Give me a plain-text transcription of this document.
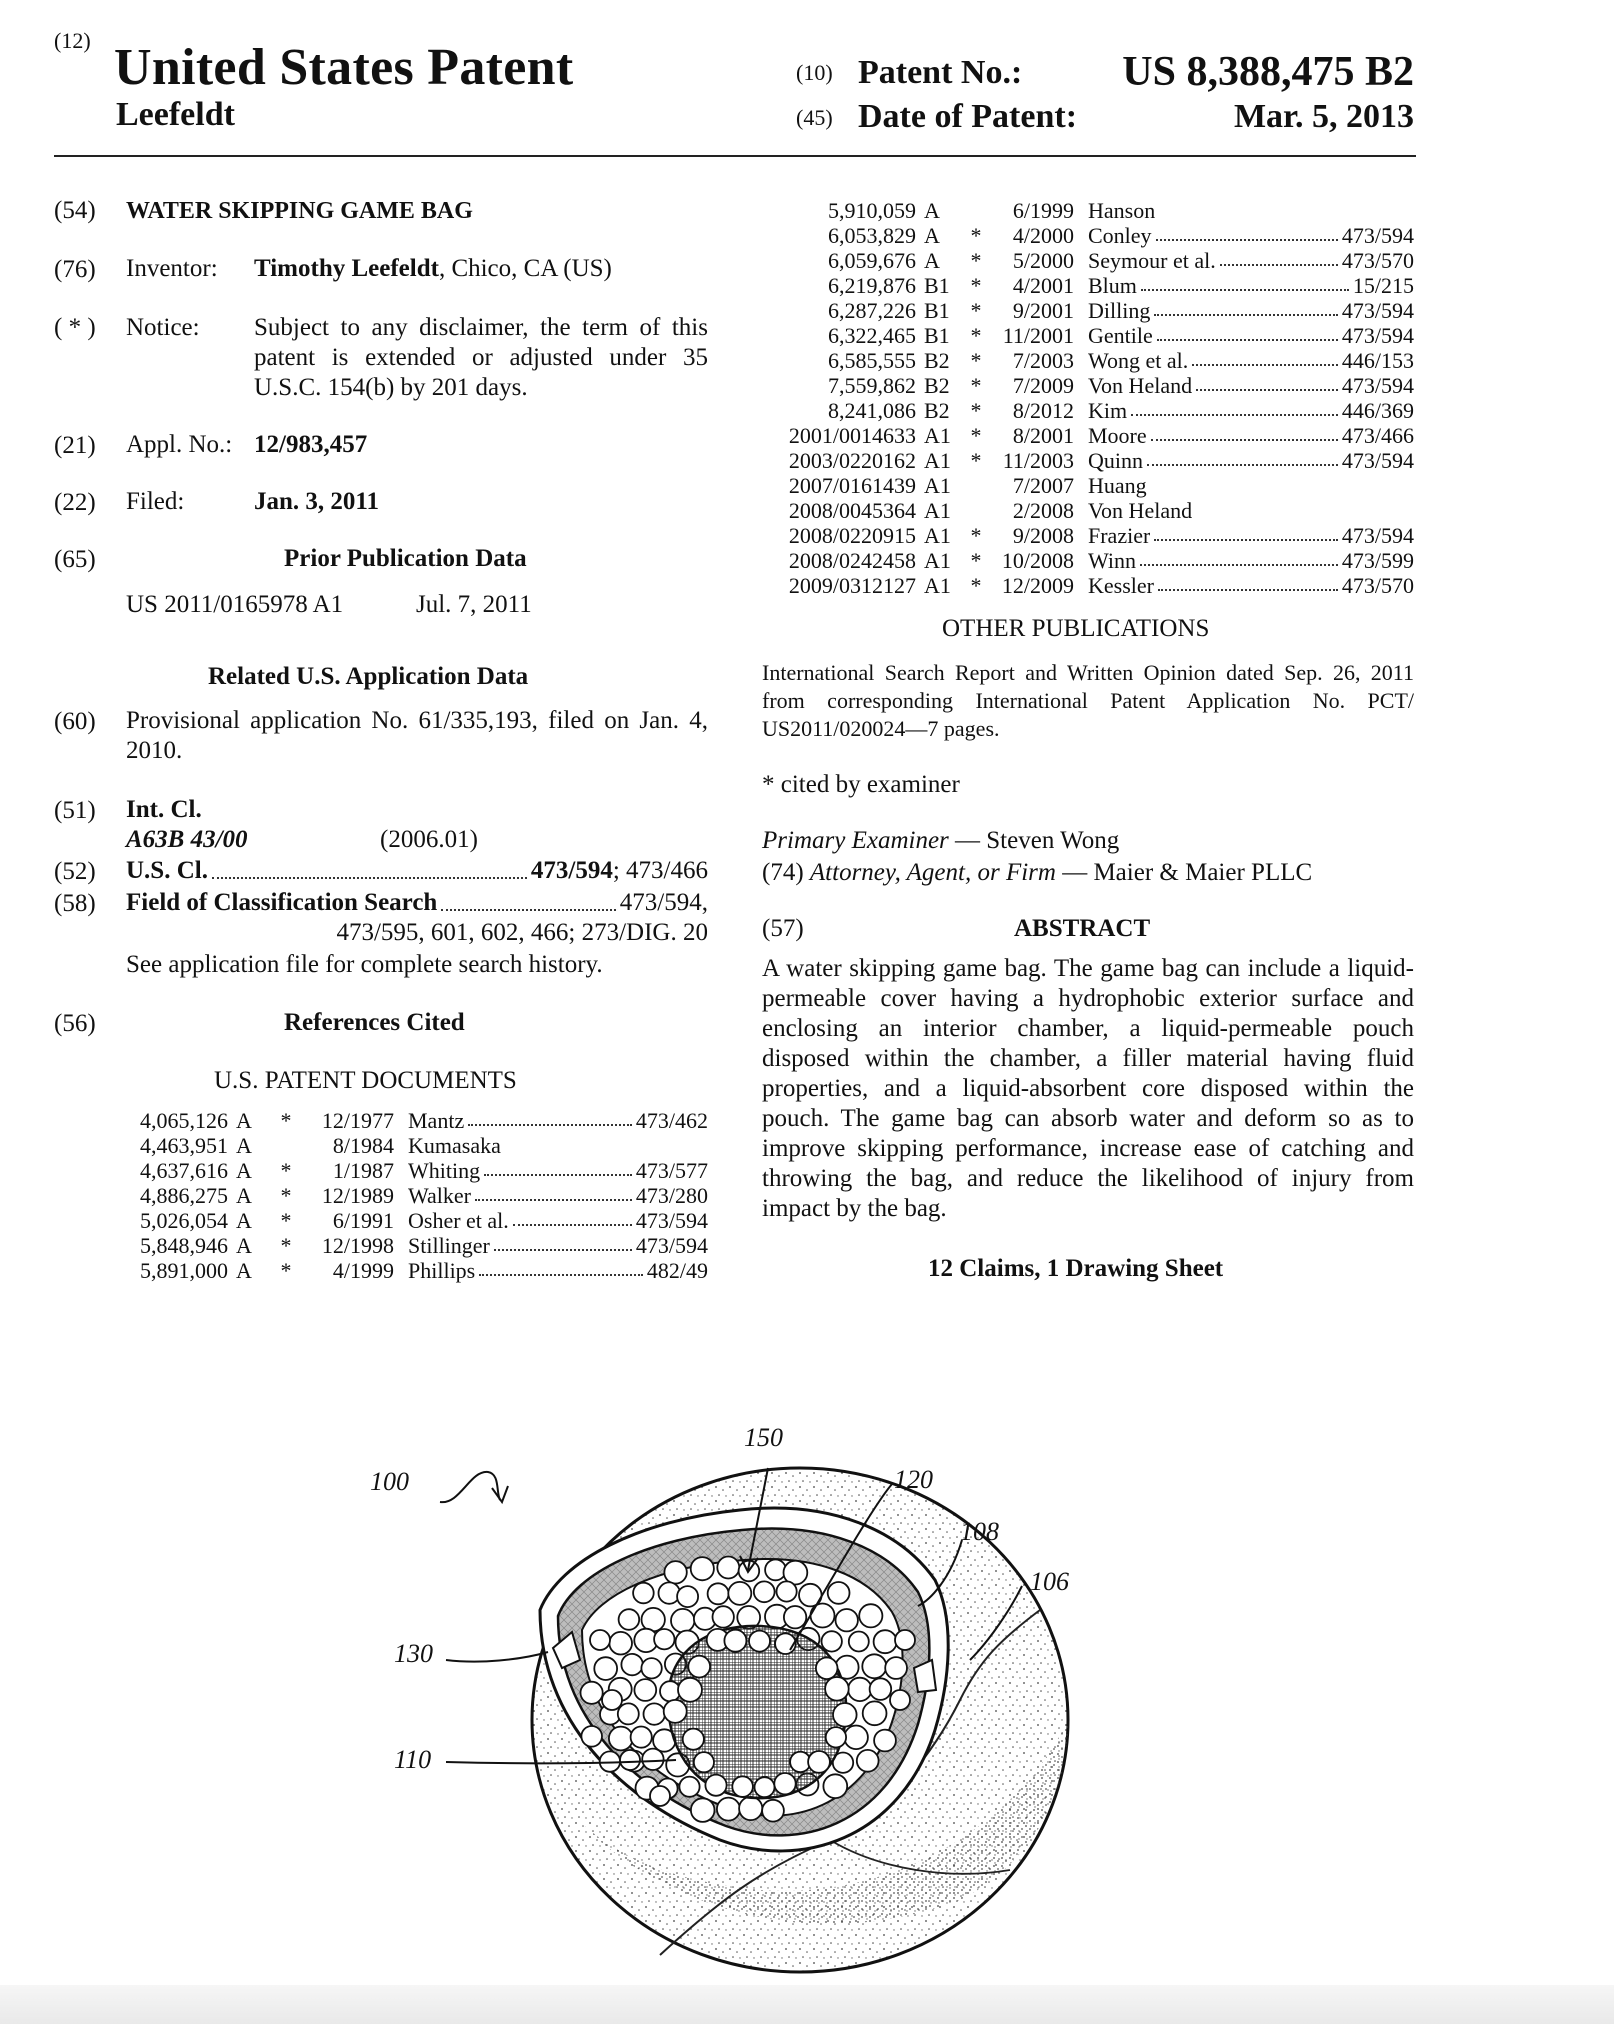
(12) United States Patent
Leefeldt
(10) Patent No.: US 8,388,475 B2
(45) Date of Patent:	Mar. 5, 2013
(54) WATER SKIPPING GAME BAG
(76) Inventor: Timothy Leefeldt, Chico, CA (US)
( * ) Notice: Subject to any disclaimer, the term of this patent is extended or adjusted under 35 U.S.C. 154(b) by 201 days.
(21) Appl. No.: 12/983,457
(22) Filed:	Jan. 3, 2011
(65)	Prior Publication Data
US 2011/0165978 A1	Jul. 7, 2011
Related U.S. Application Data
(60) Provisional application No. 61/335,193, filed on Jan. 4, 2010.
(51) Int. Cl.
A63B 43/00	(2006.01)
(52) U.S. Cl.	473/594 ; 473/466
(58) Field of Classification Search	473/594,
473/595, 601, 602, 466; 273/DIG. 20
See application file for complete search history.
(56)	References Cited
U.S. PATENT DOCUMENTS
4,065,126 A	*	12/1977 Mantz	473/462
4,463,951 A	8/1984 Kumasaka
4,637,616 A	*	1/1987 Whiting	473/577
4,886,275 A	*	12/1989 Walker	473/280
5,026,054 A	*	6/1991 Osher et al.	473/594
5,848,946 A	*	12/1998 Stillinger	473/594
5,891,000 A	*	4/1999 Phillips	482/49
5,910,059 A	6/1999 Hanson
6,053,829 A	*	4/2000 Conley	473/594
6,059,676 A	*	5/2000 Seymour et al.	473/570
6,219,876 B1 *	4/2001 Blum	15/215
6,287,226 B1 *	9/2001 Dilling	473/594
6,322,465 B1 * 11/2001 Gentile	473/594
6,585,555 B2 *	7/2003 Wong et al.	446/153
7,559,862 B2 *	7/2009 Von Heland	473/594
8,241,086 B2 *	8/2012 Kim	446/369
2001/0014633 A1 *	8/2001 Moore	473/466
2003/0220162 A1 * 11/2003 Quinn	473/594
2007/0161439 A1	7/2007 Huang
2008/0045364 A1	2/2008 Von Heland
2008/0220915 A1 *	9/2008 Frazier	473/594
2008/0242458 A1 * 10/2008 Winn	473/599
2009/0312127 A1 * 12/2009 Kessler	473/570
OTHER PUBLICATIONS
International Search Report and Written Opinion dated Sep. 26, 2011 from corresponding International Patent Application No. PCT/ US2011/020024—7 pages.
* cited by examiner
Primary Examiner — Steven Wong
(74) Attorney, Agent, or Firm — Maier & Maier PLLC
(57)	ABSTRACT
A water skipping game bag. The game bag can include a liquid-permeable cover having a hydrophobic exterior surface and enclosing an interior chamber, a liquid-permeable pouch disposed within the chamber, a filler material having fluid properties, and a liquid-absorbent core disposed within the pouch. The game bag can absorb water and deform so as to improve skipping performance, increase ease of catching and throwing the bag, and reduce the likelihood of injury from impact by the bag.
12 Claims, 1 Drawing Sheet
100
150
120
108
106
130
110
